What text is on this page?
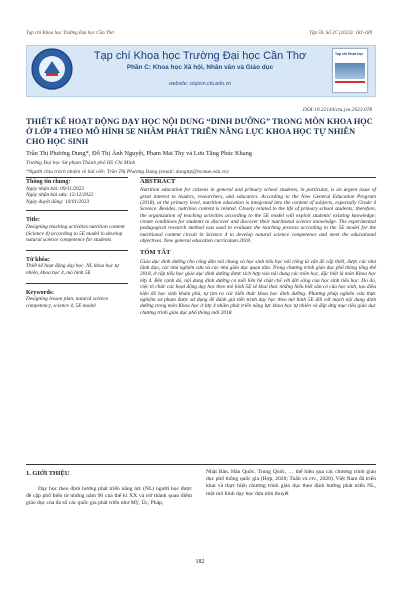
Tạp chí Khoa học Trường Đại học Cần Thơ	Tập 59, Số 2C (2023): 182-189
Tạp chí Khoa học Trường Đại học Cần Thơ
Phần C: Khoa học Xã hội, Nhân văn và Giáo dục
website: ctujsvn.ctu.edu.vn
Tạp chí Khoa học
DOI:10.22144/ctu.jvn.2023.078
THIẾT KẾ HOẠT ĐỘNG DẠY HỌC NỘI DUNG “DINH DƯỠNG” TRONG MÔN KHOA HỌC Ở LỚP 4 THEO MÔ HÌNH 5E NHẰM PHÁT TRIỂN NĂNG LỰC KHOA HỌC TỰ NHIÊN CHO HỌC SINH
Trần Thị Phương Dung*, Đỗ Thị Ánh Nguyệt, Phạm Mai Thy và Lưu Tăng Phúc Khang
Trường Đại học Sư phạm Thành phố Hồ Chí Minh
*Người chịu trách nhiệm về bài viết: Trần Thị Phương Dung (email: dungttp@hcmue.edu.vn)
Thông tin chung:
Ngày nhận bài: 09/11/2022
Ngày nhận bài sửa: 15/12/2022
Ngày duyệt đăng: 10/01/2023
Title:
Designing teaching activities nutrition content (Science 4) according to 5E model to develop natural science competence for students
Từ khóa:
Thiết kế hoạt động dạy học, NL khoa học tự nhiên, khoa học 4, mô hình 5E
Keywords:
Designing lesson plan, natural science competency, science 4, 5E model
ABSTRACT
Nutrition education for citizens in general and primary school students, in particular, is an urgent issue of great interest to leaders, researchers, and educators. According to the New General Education Program (2018), at the primary level, nutrition education is integrated into the content of subjects, especially Grade 4 Science. Besides, nutrition content is related. Closely related to the life of primary school students; therefore, the organization of teaching activities according to the 5E model will exploit students' existing knowledge; create conditions for students to discover and discover their nutritional science knowledge. The experimental pedagogical research method was used to evaluate the teaching process according to the 5E model for the nutritional content circuit in Science 4 to develop natural science competence and meet the educational objectives. New general education curriculum 2018.
TÓM TẮT
Giáo dục dinh dưỡng cho công dân nói chung và học sinh tiểu học nói riêng là vấn đề cấp thiết, được các nhà lãnh đạo, các nhà nghiên cứu và các nhà giáo dục quan tâm. Trong chương trình giáo dục phổ thông tổng thể 2018, ở cấp tiểu học giáo dục dinh dưỡng được tích hợp vào nội dung các môn học, đặc biệt là môn Khoa học lớp 4. Bên cạnh đó, nội dung dinh dưỡng có mối liên hệ chặt chẽ với đời sống của học sinh tiểu học. Do đó, việc tổ chức các hoạt động dạy học theo mô hình 5E sẽ khai thác những hiểu biết sẵn có của học sinh, tạo điều kiện để học sinh khám phá, tự tìm ra các kiến thức khoa học dinh dưỡng. Phương pháp nghiên cứu thực nghiệm sư phạm được sử dụng để đánh giá tiến trình dạy học theo mô hình 5E đối với mạch nội dung dinh dưỡng trong môn Khoa học ở lớp 4 nhằm phát triển năng lực khoa học tự nhiên và đáp ứng mục tiêu giáo dục chương trình giáo dục phổ thông mới 2018.
1. GIỚI THIỆU
Dạy học theo định hướng phát triển năng lực (NL) người học được đề cập phổ biến từ những năm 90 của thế kỉ XX và trở thành quan điểm giáo dục của đa số các quốc gia phát triển như Mỹ, Úc, Pháp,
Nhật Bản, Hàn Quốc, Trung Quốc, … thể hiện qua các chương trình giáo dục phổ thông quốc gia (Hợp, 2020; Tuấn và ctv., 2020). Việt Nam đã triển khai và thực hiện chương trình giáo dục theo định hướng phát triển NL, một mô hình dạy học dựa trên thuyết
182
